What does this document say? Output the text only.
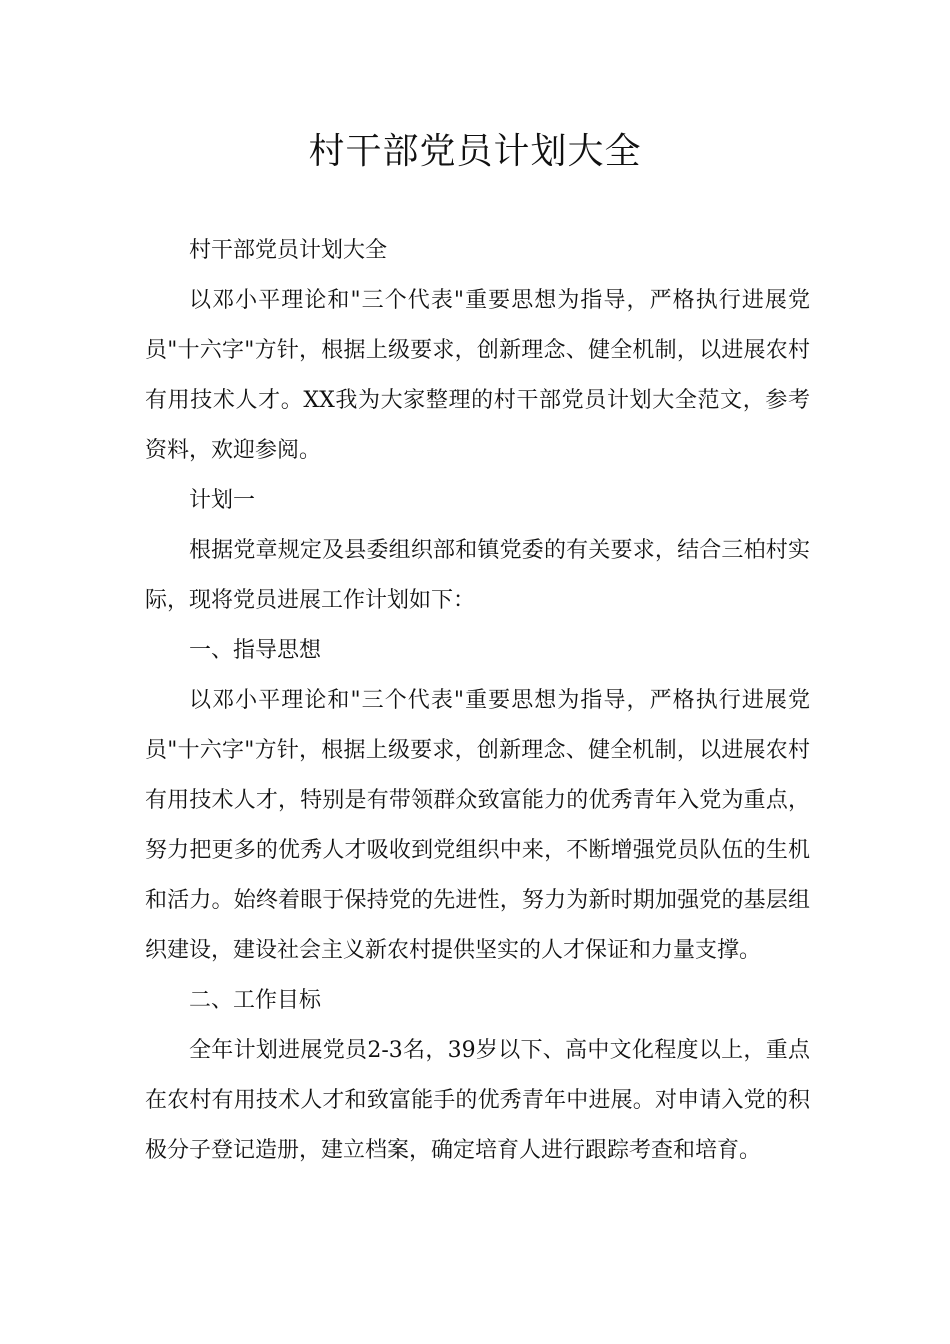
村干部党员计划大全

村干部党员计划大全

以邓小平理论和"三个代表"重要思想为指导，严格执行进展党员"十六字"方针，根据上级要求，创新理念、健全机制，以进展农村有用技术人才。XX我为大家整理的村干部党员计划大全范文，参考资料，欢迎参阅。

计划一

根据党章规定及县委组织部和镇党委的有关要求，结合三柏村实际，现将党员进展工作计划如下：

一、指导思想

以邓小平理论和"三个代表"重要思想为指导，严格执行进展党员"十六字"方针，根据上级要求，创新理念、健全机制，以进展农村有用技术人才，特别是有带领群众致富能力的优秀青年入党为重点，努力把更多的优秀人才吸收到党组织中来，不断增强党员队伍的生机和活力。始终着眼于保持党的先进性，努力为新时期加强党的基层组织建设，建设社会主义新农村提供坚实的人才保证和力量支撑。

二、工作目标

全年计划进展党员2-3名，39岁以下、高中文化程度以上，重点在农村有用技术人才和致富能手的优秀青年中进展。对申请入党的积极分子登记造册，建立档案，确定培育人进行跟踪考查和培育。
